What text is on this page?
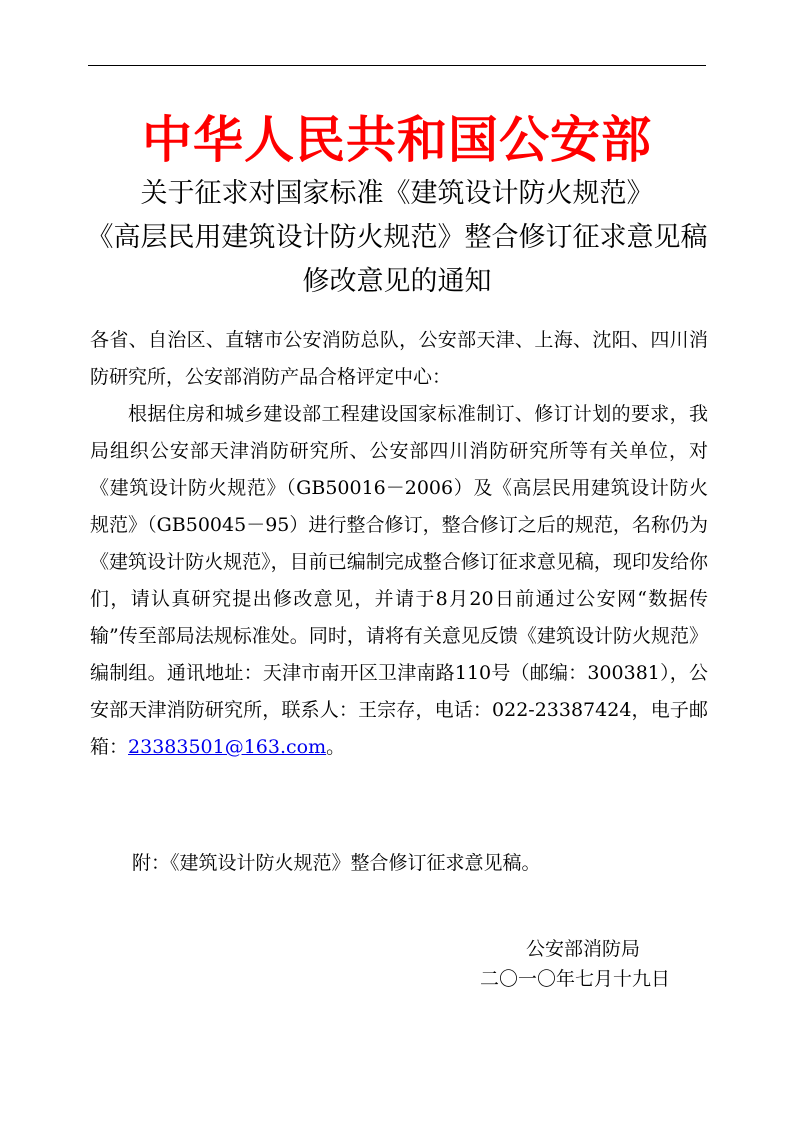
中华人民共和国公安部
关于征求对国家标准《建筑设计防火规范》
《高层民用建筑设计防火规范》整合修订征求意见稿
修改意见的通知

各省、自治区、直辖市公安消防总队，公安部天津、上海、沈阳、四川消防研究所，公安部消防产品合格评定中心：

根据住房和城乡建设部工程建设国家标准制订、修订计划的要求，我局组织公安部天津消防研究所、公安部四川消防研究所等有关单位，对《建筑设计防火规范》（GB50016－2006）及《高层民用建筑设计防火规范》（GB50045－95）进行整合修订，整合修订之后的规范，名称仍为《建筑设计防火规范》，目前已编制完成整合修订征求意见稿，现印发给你们，请认真研究提出修改意见，并请于8月20日前通过公安网“数据传输”传至部局法规标准处。同时，请将有关意见反馈《建筑设计防火规范》编制组。通讯地址：天津市南开区卫津南路110号（邮编：300381），公安部天津消防研究所，联系人：王宗存，电话：022-23387424，电子邮箱：23383501@163.com。

附：《建筑设计防火规范》整合修订征求意见稿。
公安部消防局
二〇一〇年七月十九日
